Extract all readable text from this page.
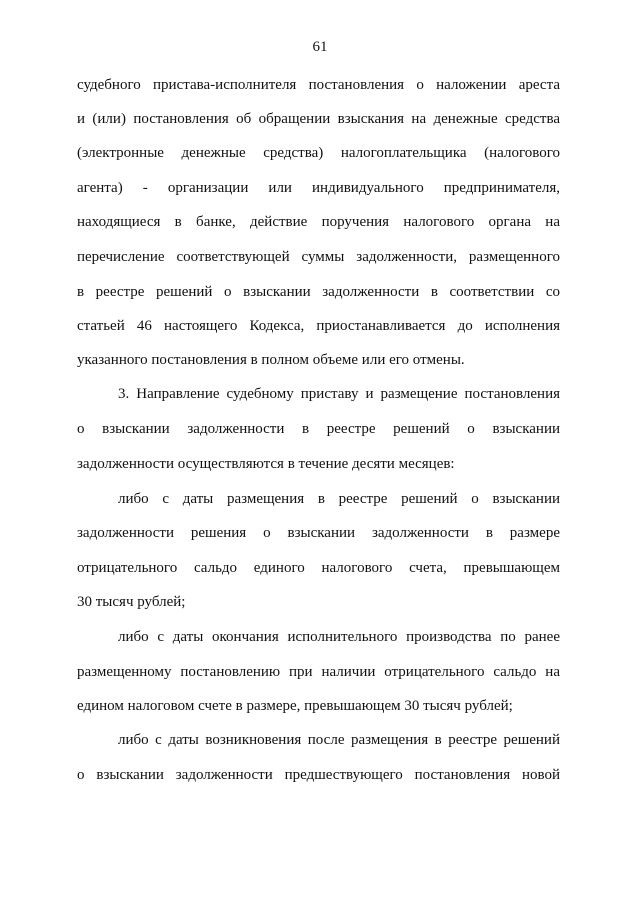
61
судебного пристава-исполнителя постановления о наложении ареста
и (или) постановления об обращении взыскания на денежные средства
(электронные денежные средства) налогоплательщика (налогового
агента) - организации или индивидуального предпринимателя,
находящиеся в банке, действие поручения налогового органа на
перечисление соответствующей суммы задолженности, размещенного
в реестре решений о взыскании задолженности в соответствии со
статьей 46 настоящего Кодекса, приостанавливается до исполнения
указанного постановления в полном объеме или его отмены.
3. Направление судебному приставу и размещение постановления
о взыскании задолженности в реестре решений о взыскании
задолженности осуществляются в течение десяти месяцев:
либо с даты размещения в реестре решений о взыскании
задолженности решения о взыскании задолженности в размере
отрицательного сальдо единого налогового счета, превышающем
30 тысяч рублей;
либо с даты окончания исполнительного производства по ранее
размещенному постановлению при наличии отрицательного сальдо на
едином налоговом счете в размере, превышающем 30 тысяч рублей;
либо с даты возникновения после размещения в реестре решений
о взыскании задолженности предшествующего постановления новой
